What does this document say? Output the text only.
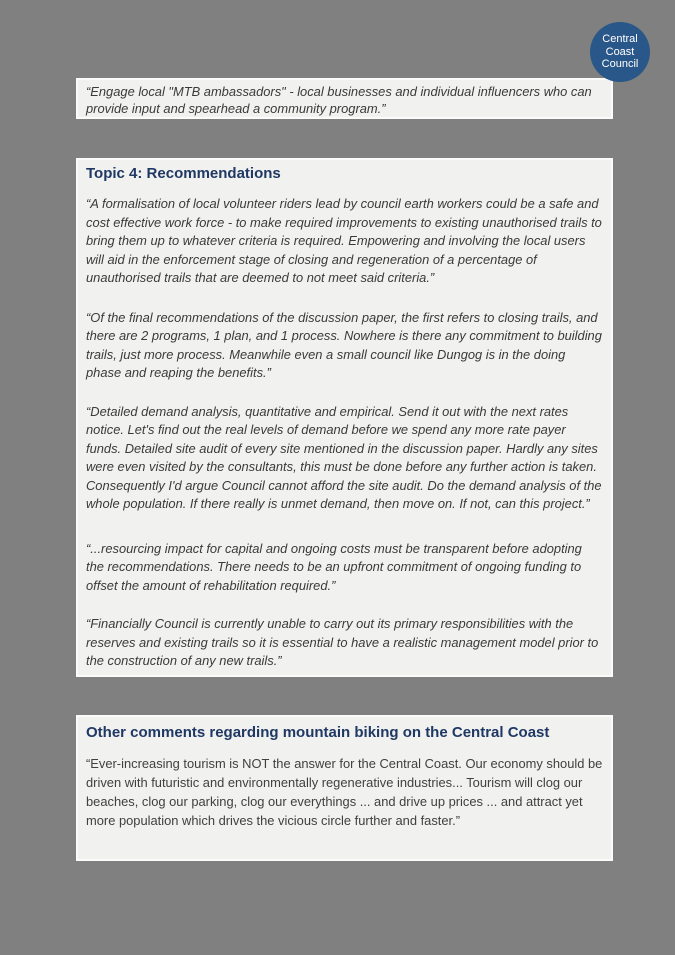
Central
Coast
Council

“Engage local "MTB ambassadors" - local businesses and individual influencers who can provide input and spearhead a community program.”

Topic 4: Recommendations

“A formalisation of local volunteer riders lead by council earth workers could be a safe and cost effective work force - to make required improvements to existing unauthorised trails to bring them up to whatever criteria is required. Empowering and involving the local users will aid in the enforcement stage of closing and regeneration of a percentage of unauthorised trails that are deemed to not meet said criteria.”

“Of the final recommendations of the discussion paper, the first refers to closing trails, and there are 2 programs, 1 plan, and 1 process. Nowhere is there any commitment to building trails, just more process. Meanwhile even a small council like Dungog is in the doing phase and reaping the benefits.”

“Detailed demand analysis, quantitative and empirical. Send it out with the next rates notice. Let's find out the real levels of demand before we spend any more rate payer funds. Detailed site audit of every site mentioned in the discussion paper. Hardly any sites were even visited by the consultants, this must be done before any further action is taken. Consequently I'd argue Council cannot afford the site audit. Do the demand analysis of the whole population. If there really is unmet demand, then move on. If not, can this project.”

“...resourcing impact for capital and ongoing costs must be transparent before adopting the recommendations. There needs to be an upfront commitment of ongoing funding to offset the amount of rehabilitation required.”

“Financially Council is currently unable to carry out its primary responsibilities with the reserves and existing trails so it is essential to have a realistic management model prior to the construction of any new trails.”

Other comments regarding mountain biking on the Central Coast

“Ever-increasing tourism is NOT the answer for the Central Coast. Our economy should be driven with futuristic and environmentally regenerative industries... Tourism will clog our beaches, clog our parking, clog our everythings ... and drive up prices ... and attract yet more population which drives the vicious circle further and faster.”
